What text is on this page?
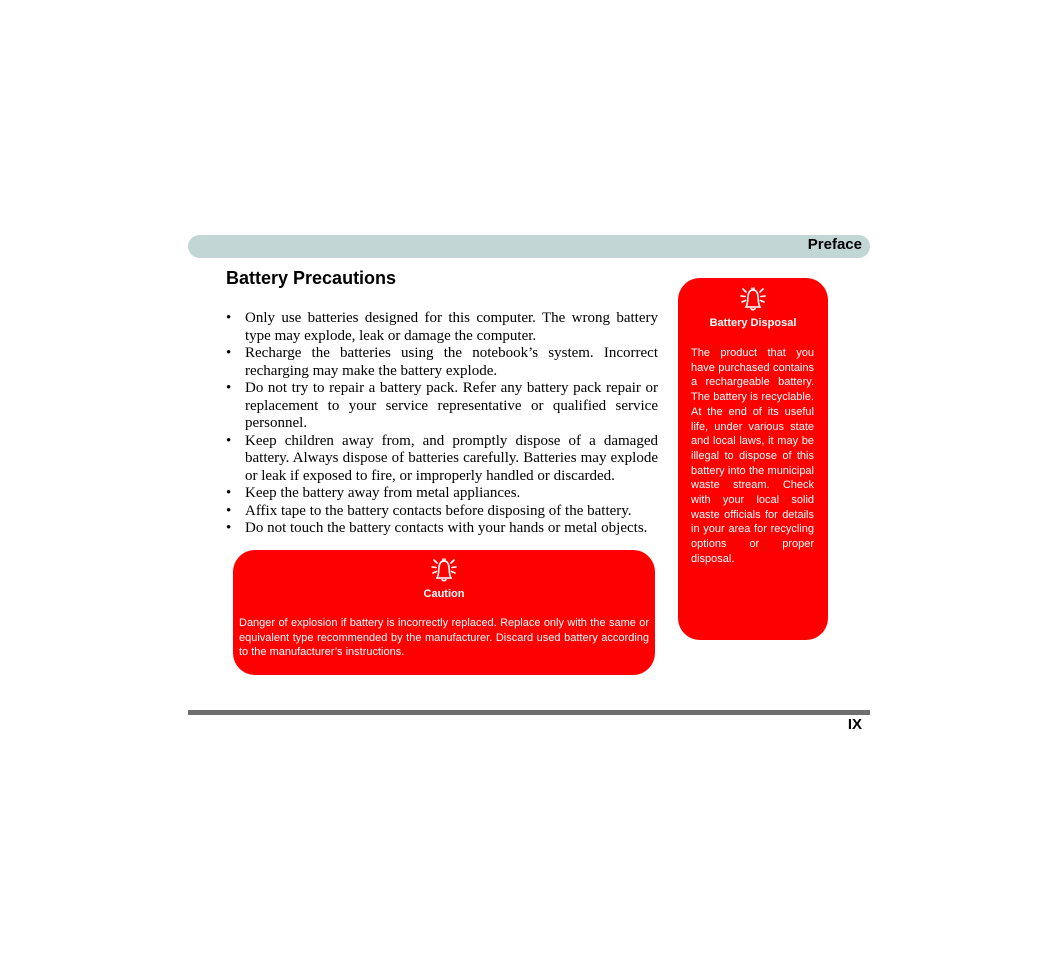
Preface
Battery Precautions
• Only use batteries designed for this computer. The wrong battery type may explode, leak or damage the computer.
• Recharge the batteries using the notebook’s system. Incorrect recharging may make the battery explode.
• Do not try to repair a battery pack. Refer any battery pack repair or replacement to your service representative or qualified service personnel.
• Keep children away from, and promptly dispose of a damaged battery. Always dispose of batteries carefully. Batteries may explode or leak if exposed to fire, or improperly handled or discarded.
• Keep the battery away from metal appliances.
• Affix tape to the battery contacts before disposing of the battery.
• Do not touch the battery contacts with your hands or metal objects.
Caution
Danger of explosion if battery is incorrectly replaced. Replace only with the same or equivalent type recommended by the manufacturer. Discard used battery according to the manufacturer’s instructions.
Battery Disposal
The product that you have purchased contains a rechargeable battery. The battery is recyclable. At the end of its useful life, under various state and local laws, it may be illegal to dispose of this battery into the municipal waste stream. Check with your local solid waste officials for details in your area for recycling options or proper disposal.
IX
